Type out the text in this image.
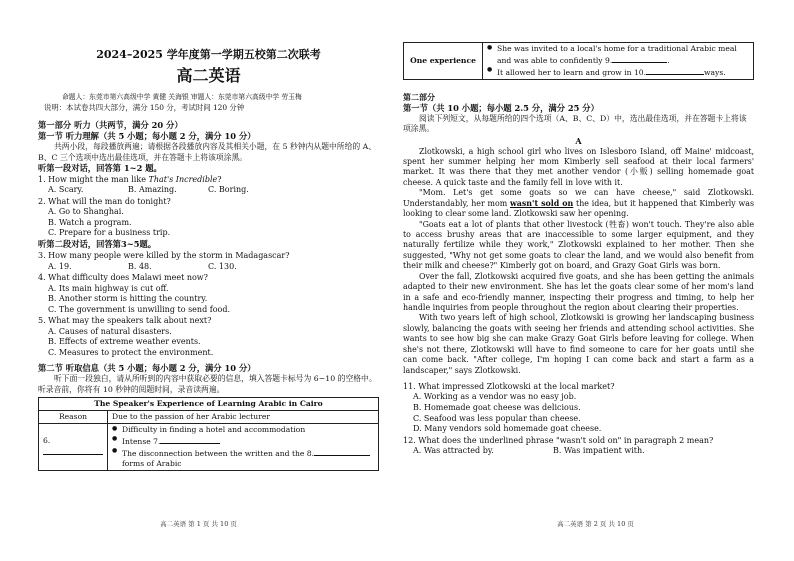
2024–2025 学年度第一学期五校第二次联考
高二英语
命题人：东莞市第六高级中学 黄健 关海银 审题人：东莞市第六高级中学 劳玉梅
说明：本试卷共四大部分，满分 150 分，考试时间 120 分钟
第一部分 听力（共两节，满分 20 分）
第一节 听力理解（共 5 小题；每小题 2 分，满分 10 分）
共两小段，每段播放两遍；请根据各段播放内容及其相关小题，在 5 秒钟内从题中所给的 A、B、C 三个选项中选出最佳选项，并在答题卡上将该项涂黑。
听第一段对话，回答第 1~2 题。
1. How might the man like That's Incredible?
A. Scary.	B. Amazing.	C. Boring.
2. What will the man do tonight?
A. Go to Shanghai.
B. Watch a program.
C. Prepare for a business trip.
听第二段对话，回答第3~5题。
3. How many people were killed by the storm in Madagascar?
A. 19.	B. 48.	C. 130.
4. What difficulty does Malawi meet now?
A. Its main highway is cut off.
B. Another storm is hitting the country.
C. The government is unwilling to send food.
5. What may the speakers talk about next?
A. Causes of natural disasters.
B. Effects of extreme weather events.
C. Measures to protect the environment.
第二节 听取信息（共 5 小题；每小题 2 分，满分 10 分）
听下面一段独白，请从所听到的内容中获取必要的信息，填入答题卡标号为 6~10 的空格中。听录音前，你将有 10 秒钟的阅题时间，录音读两遍。
The Speaker's Experience of Learning Arabic in Cairo	
Reason	Due to the passion of her Arabic lecturer
6.	● Difficulty in finding a hotel and accommodation
● Intense 7.
● The disconnection between the written and the 8. forms of Arabic
高二英语 第 1 页 共 10 页
One experience	
● She was invited to a local's home for a traditional Arabic meal and was able to confidently 9.	.
● It allowed her to learn and grow in 10.	ways.
第二部分
第一节（共 10 小题；每小题 2.5 分，满分 25 分）
阅读下列短文，从每题所给的四个选项（A、B、C、D）中，选出最佳选项，并在答题卡上将该项涂黑。
A
Zlotkowski, a high school girl who lives on Islesboro Island, off Maine' midcoast, spent her summer helping her mom Kimberly sell seafood at their local farmers' market. It was there that they met another vendor (小贩) selling homemade goat cheese. A quick taste and the family fell in love with it.
"Mom. Let's get some goats so we can have cheese," said Zlotkowski. Understandably, her mom wasn't sold on the idea, but it happened that Kimberly was looking to clear some land. Zlotkowski saw her opening.
"Goats eat a lot of plants that other livestock (牲畜) won't touch. They're also able to access brushy areas that are inaccessible to some larger equipment, and they naturally fertilize while they work," Zlotkowski explained to her mother. Then she suggested, "Why not get some goats to clear the land, and we would also benefit from their milk and cheese?" Kimberly got on board, and Grazy Goat Girls was born.
Over the fall, Zlotkowski acquired five goats, and she has been getting the animals adapted to their new environment. She has let the goats clear some of her mom's land in a safe and eco-friendly manner, inspecting their progress and timing, to help her handle inquiries from people throughout the region about clearing their properties.
With two years left of high school, Zlotkowski is growing her landscaping business slowly, balancing the goats with seeing her friends and attending school activities. She wants to see how big she can make Grazy Goat Girls before leaving for college. When she's not there, Zlotkowski will have to find someone to care for her goats until she can come back. "After college, I'm hoping I can come back and start a farm as a landscaper," says Zlotkowski.
11. What impressed Zlotkowski at the local market?
A. Working as a vendor was no easy job.
B. Homemade goat cheese was delicious.
C. Seafood was less popular than cheese.
D. Many vendors sold homemade goat cheese.
12. What does the underlined phrase "wasn't sold on" in paragraph 2 mean?
A. Was attracted by.	B. Was impatient with.
高二英语 第 2 页 共 10 页
